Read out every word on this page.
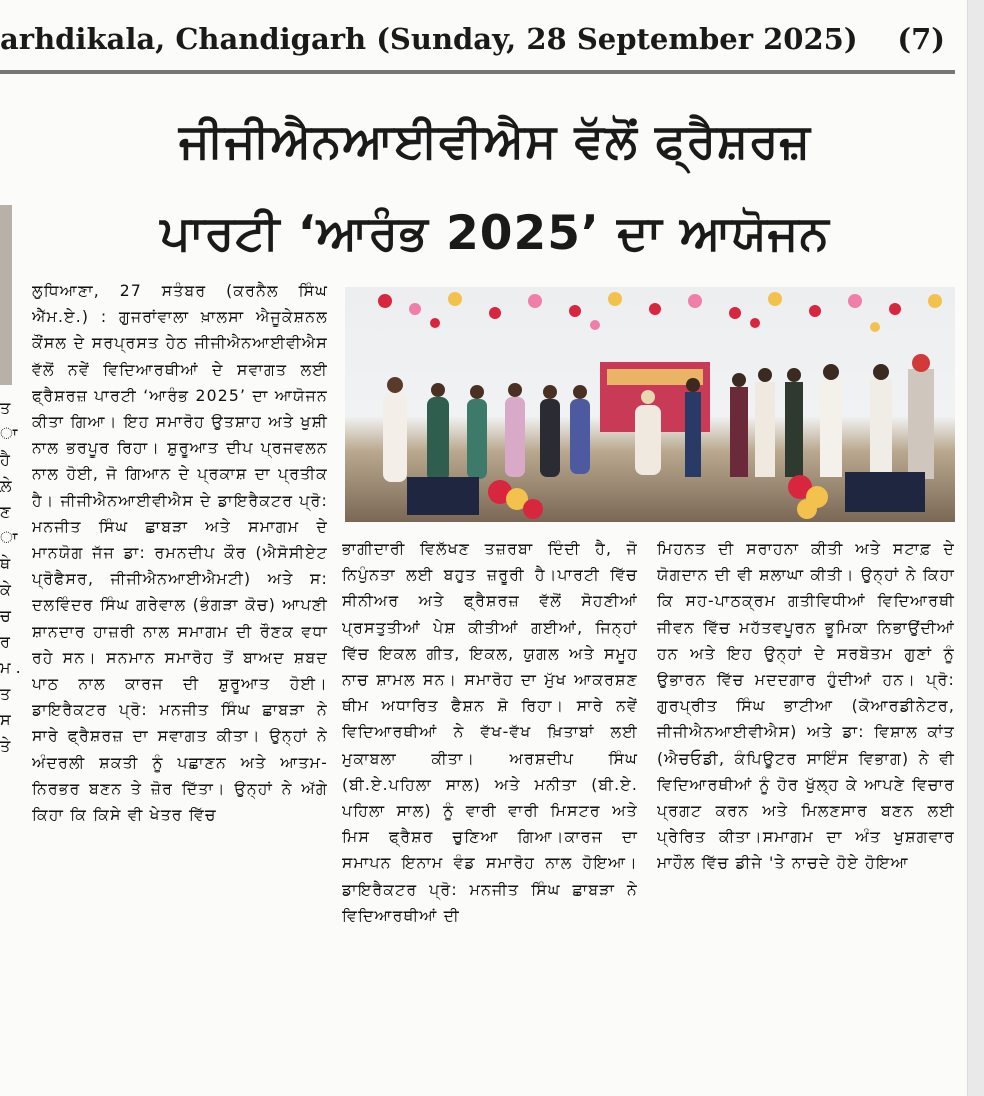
arhdikala, Chandigarh (Sunday, 28 September 2025) (7)
ਜੀਜੀਐਨਆਈਵੀਐਸ ਵੱਲੋਂ ਫ੍ਰੈਸ਼ਰਜ਼
ਪਾਰਟੀ ‘ਆਰੰਭ 2025’ ਦਾ ਆਯੋਜਨ
ਤ ਾ ਹੈ ਲ਼ੇ ਣ ਾ ਥੇ ਕੇ ਚ ਰ ਮ . ਤ ਸ ਤੇ
ਲੁਧਿਆਣਾ, 27 ਸਤੰਬਰ (ਕਰਨੈਲ ਸਿੰਘ ਐੱਮ.ਏ.) : ਗੁਜਰਾਂਵਾਲਾ ਖ਼ਾਲਸਾ ਐਜੂਕੇਸ਼ਨਲ ਕੌਂਸਲ ਦੇ ਸਰਪ੍ਰਸਤ ਹੇਠ ਜੀਜੀਐਨਆਈਵੀਐਸ ਵੱਲੋਂ ਨਵੇਂ ਵਿਦਿਆਰਥੀਆਂ ਦੇ ਸਵਾਗਤ ਲਈ ਫ੍ਰੈਸ਼ਰਜ਼ ਪਾਰਟੀ ‘ਆਰੰਭ 2025’ ਦਾ ਆਯੋਜਨ ਕੀਤਾ ਗਿਆ। ਇਹ ਸਮਾਰੋਹ ਉਤਸ਼ਾਹ ਅਤੇ ਖੁਸ਼ੀ ਨਾਲ ਭਰਪੂਰ ਰਿਹਾ। ਸ਼ੁਰੂਆਤ ਦੀਪ ਪ੍ਰਜਵਲਨ ਨਾਲ ਹੋਈ, ਜੋ ਗਿਆਨ ਦੇ ਪ੍ਰਕਾਸ਼ ਦਾ ਪ੍ਰਤੀਕ ਹੈ। ਜੀਜੀਐਨਆਈਵੀਐਸ ਦੇ ਡਾਇਰੈਕਟਰ ਪ੍ਰੋ: ਮਨਜੀਤ ਸਿੰਘ ਛਾਬੜਾ ਅਤੇ ਸਮਾਗਮ ਦੇ ਮਾਨਯੋਗ ਜੱਜ ਡਾ: ਰਮਨਦੀਪ ਕੌਰ (ਐਸੋਸੀਏਟ ਪ੍ਰੋਫੈਸਰ, ਜੀਜੀਐਨਆਈਐਮਟੀ) ਅਤੇ ਸ: ਦਲਵਿੰਦਰ ਸਿੰਘ ਗਰੇਵਾਲ (ਭੰਗੜਾ ਕੋਚ) ਆਪਣੀ ਸ਼ਾਨਦਾਰ ਹਾਜ਼ਰੀ ਨਾਲ ਸਮਾਗਮ ਦੀ ਰੌਣਕ ਵਧਾ ਰਹੇ ਸਨ। ਸਨਮਾਨ ਸਮਾਰੋਹ ਤੋਂ ਬਾਅਦ ਸ਼ਬਦ ਪਾਠ ਨਾਲ ਕਾਰਜ ਦੀ ਸ਼ੁਰੂਆਤ ਹੋਈ। ਡਾਇਰੈਕਟਰ ਪ੍ਰੋ: ਮਨਜੀਤ ਸਿੰਘ ਛਾਬੜਾ ਨੇ ਸਾਰੇ ਫ੍ਰੈਸ਼ਰਜ਼ ਦਾ ਸਵਾਗਤ ਕੀਤਾ। ਉਨ੍ਹਾਂ ਨੇ ਅੰਦਰਲੀ ਸ਼ਕਤੀ ਨੂੰ ਪਛਾਣਨ ਅਤੇ ਆਤਮ-ਨਿਰਭਰ ਬਣਨ ਤੇ ਜ਼ੋਰ ਦਿੱਤਾ। ਉਨ੍ਹਾਂ ਨੇ ਅੱਗੇ ਕਿਹਾ ਕਿ ਕਿਸੇ ਵੀ ਖੇਤਰ ਵਿੱਚ
ਭਾਗੀਦਾਰੀ ਵਿਲੱਖਣ ਤਜ਼ਰਬਾ ਦਿੰਦੀ ਹੈ, ਜੋ ਨਿਪੁੰਨਤਾ ਲਈ ਬਹੁਤ ਜ਼ਰੂਰੀ ਹੈ।ਪਾਰਟੀ ਵਿੱਚ ਸੀਨੀਅਰ ਅਤੇ ਫ੍ਰੈਸ਼ਰਜ਼ ਵੱਲੋਂ ਸੋਹਣੀਆਂ ਪ੍ਰਸਤੁਤੀਆਂ ਪੇਸ਼ ਕੀਤੀਆਂ ਗਈਆਂ, ਜਿਨ੍ਹਾਂ ਵਿੱਚ ਇਕਲ ਗੀਤ, ਇਕਲ, ਯੁਗਲ ਅਤੇ ਸਮੂਹ ਨਾਚ ਸ਼ਾਮਲ ਸਨ। ਸਮਾਰੋਹ ਦਾ ਮੁੱਖ ਆਕਰਸ਼ਣ ਥੀਮ ਅਧਾਰਿਤ ਫੈਸ਼ਨ ਸ਼ੋ ਰਿਹਾ। ਸਾਰੇ ਨਵੇਂ ਵਿਦਿਆਰਥੀਆਂ ਨੇ ਵੱਖ-ਵੱਖ ਖ਼ਿਤਾਬਾਂ ਲਈ ਮੁਕਾਬਲਾ ਕੀਤਾ। ਅਰਸ਼ਦੀਪ ਸਿੰਘ (ਬੀ.ਏ.ਪਹਿਲਾ ਸਾਲ) ਅਤੇ ਮਨੀਤਾ (ਬੀ.ਏ. ਪਹਿਲਾ ਸਾਲ) ਨੂੰ ਵਾਰੀ ਵਾਰੀ ਮਿਸਟਰ ਅਤੇ ਮਿਸ ਫ੍ਰੈਸ਼ਰ ਚੁਣਿਆ ਗਿਆ।ਕਾਰਜ ਦਾ ਸਮਾਪਨ ਇਨਾਮ ਵੰਡ ਸਮਾਰੋਹ ਨਾਲ ਹੋਇਆ। ਡਾਇਰੈਕਟਰ ਪ੍ਰੋ: ਮਨਜੀਤ ਸਿੰਘ ਛਾਬੜਾ ਨੇ ਵਿਦਿਆਰਥੀਆਂ ਦੀ
ਮਿਹਨਤ ਦੀ ਸਰਾਹਨਾ ਕੀਤੀ ਅਤੇ ਸਟਾਫ਼ ਦੇ ਯੋਗਦਾਨ ਦੀ ਵੀ ਸ਼ਲਾਘਾ ਕੀਤੀ। ਉਨ੍ਹਾਂ ਨੇ ਕਿਹਾ ਕਿ ਸਹ-ਪਾਠਕ੍ਰਮ ਗਤੀਵਿਧੀਆਂ ਵਿਦਿਆਰਥੀ ਜੀਵਨ ਵਿੱਚ ਮਹੱਤਵਪੂਰਨ ਭੂਮਿਕਾ ਨਿਭਾਉਂਦੀਆਂ ਹਨ ਅਤੇ ਇਹ ਉਨ੍ਹਾਂ ਦੇ ਸਰਬੋਤਮ ਗੁਣਾਂ ਨੂੰ ਉਭਾਰਨ ਵਿੱਚ ਮਦਦਗਾਰ ਹੁੰਦੀਆਂ ਹਨ। ਪ੍ਰੋ: ਗੁਰਪ੍ਰੀਤ ਸਿੰਘ ਭਾਟੀਆ (ਕੋਆਰਡੀਨੇਟਰ, ਜੀਜੀਐਨਆਈਵੀਐਸ) ਅਤੇ ਡਾ: ਵਿਸ਼ਾਲ ਕਾਂਤ (ਐਚਓਡੀ, ਕੰਪਿਊਟਰ ਸਾਇੰਸ ਵਿਭਾਗ) ਨੇ ਵੀ ਵਿਦਿਆਰਥੀਆਂ ਨੂੰ ਹੋਰ ਖੁੱਲ੍ਹ ਕੇ ਆਪਣੇ ਵਿਚਾਰ ਪ੍ਰਗਟ ਕਰਨ ਅਤੇ ਮਿਲਣਸਾਰ ਬਣਨ ਲਈ ਪ੍ਰੇਰਿਤ ਕੀਤਾ।ਸਮਾਗਮ ਦਾ ਅੰਤ ਖੁਸ਼ਗਵਾਰ ਮਾਹੌਲ ਵਿੱਚ ਡੀਜੇ 'ਤੇ ਨਾਚਦੇ ਹੋਏ ਹੋਇਆ
